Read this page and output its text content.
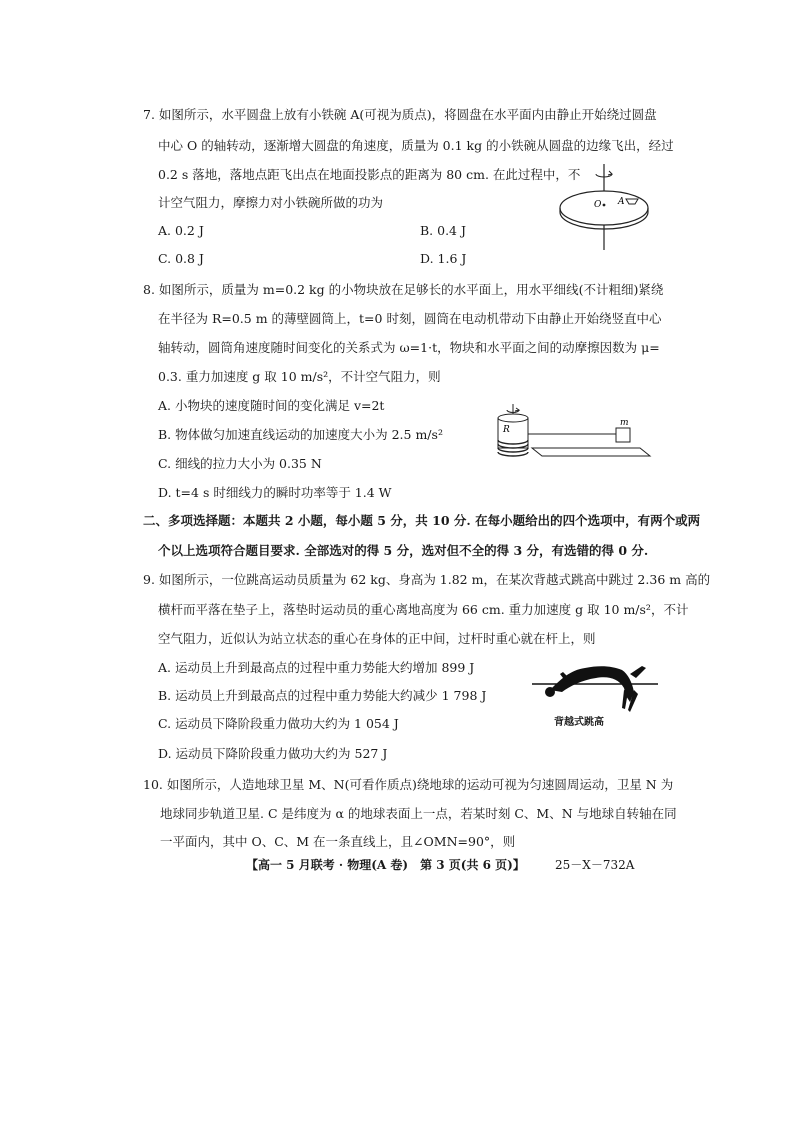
7. 如图所示，水平圆盘上放有小铁碗 A(可视为质点)，将圆盘在水平面内由静止开始绕过圆盘
中心 O 的轴转动，逐渐增大圆盘的角速度，质量为 0.1 kg 的小铁碗从圆盘的边缘飞出，经过
0.2 s 落地，落地点距飞出点在地面投影点的距离为 80 cm. 在此过程中，不
计空气阻力，摩擦力对小铁碗所做的功为
A. 0.2 J	B. 0.4 J
C. 0.8 J	D. 1.6 J
O A
8. 如图所示，质量为 m=0.2 kg 的小物块放在足够长的水平面上，用水平细线(不计粗细)紧绕
在半径为 R=0.5 m 的薄壁圆筒上，t=0 时刻，圆筒在电动机带动下由静止开始绕竖直中心
轴转动，圆筒角速度随时间变化的关系式为 ω=1·t，物块和水平面之间的动摩擦因数为 μ=
0.3. 重力加速度 g 取 10 m/s²，不计空气阻力，则
A. 小物块的速度随时间的变化满足 v=2t
B. 物体做匀加速直线运动的加速度大小为 2.5 m/s²
C. 细线的拉力大小为 0.35 N
D. t=4 s 时细线力的瞬时功率等于 1.4 W
R
m
二、多项选择题：本题共 2 小题，每小题 5 分，共 10 分. 在每小题给出的四个选项中，有两个或两
个以上选项符合题目要求. 全部选对的得 5 分，选对但不全的得 3 分，有选错的得 0 分.
9. 如图所示，一位跳高运动员质量为 62 kg、身高为 1.82 m，在某次背越式跳高中跳过 2.36 m 高的
横杆而平落在垫子上，落垫时运动员的重心离地高度为 66 cm. 重力加速度 g 取 10 m/s²，不计
空气阻力，近似认为站立状态的重心在身体的正中间，过杆时重心就在杆上，则
A. 运动员上升到最高点的过程中重力势能大约增加 899 J
B. 运动员上升到最高点的过程中重力势能大约减少 1 798 J
C. 运动员下降阶段重力做功大约为 1 054 J
D. 运动员下降阶段重力做功大约为 527 J
背越式跳高
10. 如图所示，人造地球卫星 M、N(可看作质点)绕地球的运动可视为匀速圆周运动，卫星 N 为
地球同步轨道卫星. C 是纬度为 α 的地球表面上一点，若某时刻 C、M、N 与地球自转轴在同
一平面内，其中 O、C、M 在一条直线上，且∠OMN=90°，则
【高一 5 月联考 · 物理(A 卷)　第 3 页(共 6 页)】	25－X－732A
